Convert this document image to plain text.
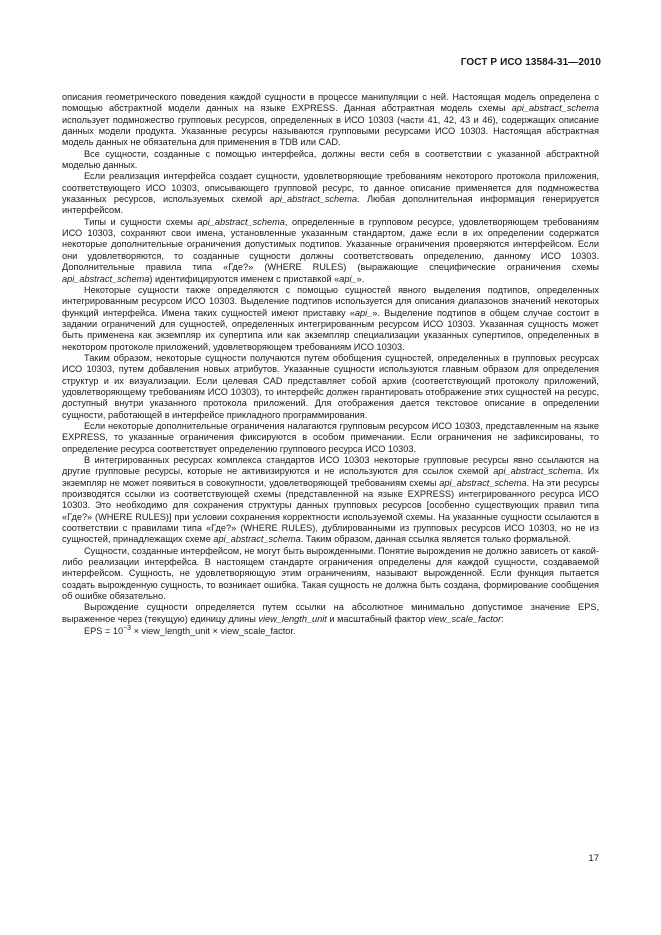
ГОСТ Р ИСО 13584-31—2010

описания геометрического поведения каждой сущности в процессе манипуляции с ней. Настоящая модель определена с помощью абстрактной модели данных на языке EXPRESS. Данная абстрактная модель схемы api_abstract_schema использует подмножество групповых ресурсов, определенных в ИСО 10303 (части 41, 42, 43 и 46), содержащих описание данных модели продукта. Указанные ресурсы называются групповыми ресурсами ИСО 10303. Настоящая абстрактная модель данных не обязательна для применения в TDB или CAD.

Все сущности, созданные с помощью интерфейса, должны вести себя в соответствии с указанной абстрактной моделью данных.

Если реализация интерфейса создает сущности, удовлетворяющие требованиям некоторого протокола приложения, соответствующего ИСО 10303, описывающего групповой ресурс, то данное описание применяется для подмножества указанных ресурсов, используемых схемой api_abstract_schema. Любая дополнительная информация генерируется интерфейсом.

Типы и сущности схемы api_abstract_schema, определенные в групповом ресурсе, удовлетворяющем требованиям ИСО 10303, сохраняют свои имена, установленные указанным стандартом, даже если в их определении содержатся некоторые дополнительные ограничения допустимых подтипов. Указанные ограничения проверяются интерфейсом. Если они удовлетворяются, то созданные сущности должны соответствовать определению, данному ИСО 10303. Дополнительные правила типа «Где?» (WHERE RULES) (выражающие специфические ограничения схемы api_abstract_schema) идентифицируются именем с приставкой «api_».

Некоторые сущности также определяются с помощью сущностей явного выделения подтипов, определенных интегрированным ресурсом ИСО 10303. Выделение подтипов используется для описания диапазонов значений некоторых функций интерфейса. Имена таких сущностей имеют приставку «api_». Выделение подтипов в общем случае состоит в задании ограничений для сущностей, определенных интегрированным ресурсом ИСО 10303. Указанная сущность может быть применена как экземпляр их супертипа или как экземпляр специализации указанных супертипов, определенных в некотором протоколе приложений, удовлетворяющем требованиям ИСО 10303.

Таким образом, некоторые сущности получаются путем обобщения сущностей, определенных в групповых ресурсах ИСО 10303, путем добавления новых атрибутов. Указанные сущности используются главным образом для определения структур и их визуализации. Если целевая CAD представляет собой архив (соответствующий протоколу приложений, удовлетворяющему требованиям ИСО 10303), то интерфейс должен гарантировать отображение этих сущностей на ресурс, доступный внутри указанного протокола приложений. Для отображения дается текстовое описание в определении сущности, работающей в интерфейсе прикладного программирования.

Если некоторые дополнительные ограничения налагаются групповым ресурсом ИСО 10303, представленным на языке EXPRESS, то указанные ограничения фиксируются в особом примечании. Если ограничения не зафиксированы, то определение ресурса соответствует определению группового ресурса ИСО 10303.

В интегрированных ресурсах комплекса стандартов ИСО 10303 некоторые групповые ресурсы явно ссылаются на другие групповые ресурсы, которые не активизируются и не используются для ссылок схемой api_abstract_schema. Их экземпляр не может появиться в совокупности, удовлетворяющей требованиям схемы api_abstract_schema. На эти ресурсы производятся ссылки из соответствующей схемы (представленной на языке EXPRESS) интегрированного ресурса ИСО 10303. Это необходимо для сохранения структуры данных групповых ресурсов [особенно существующих правил типа «Где?» (WHERE RULES)] при условии сохранения корректности используемой схемы. На указанные сущности ссылаются в соответствии с правилами типа «Где?» (WHERE RULES), дублированными из групповых ресурсов ИСО 10303, но не из сущностей, принадлежащих схеме api_abstract_schema. Таким образом, данная ссылка является только формальной.

Сущности, созданные интерфейсом, не могут быть вырожденными. Понятие вырождения не должно зависеть от какой-либо реализации интерфейса. В настоящем стандарте ограничения определены для каждой сущности, создаваемой интерфейсом. Сущность, не удовлетворяющую этим ограничениям, называют вырожденной. Если функция пытается создать вырожденную сущность, то возникает ошибка. Такая сущность не должна быть создана, формирование сообщения об ошибке обязательно.

Вырождение сущности определяется путем ссылки на абсолютное минимально допустимое значение EPS, выраженное через (текущую) единицу длины view_length_unit и масштабный фактор view_scale_factor:

EPS = $10^{-3}$ × view_length_unit × view_scale_factor.

17
